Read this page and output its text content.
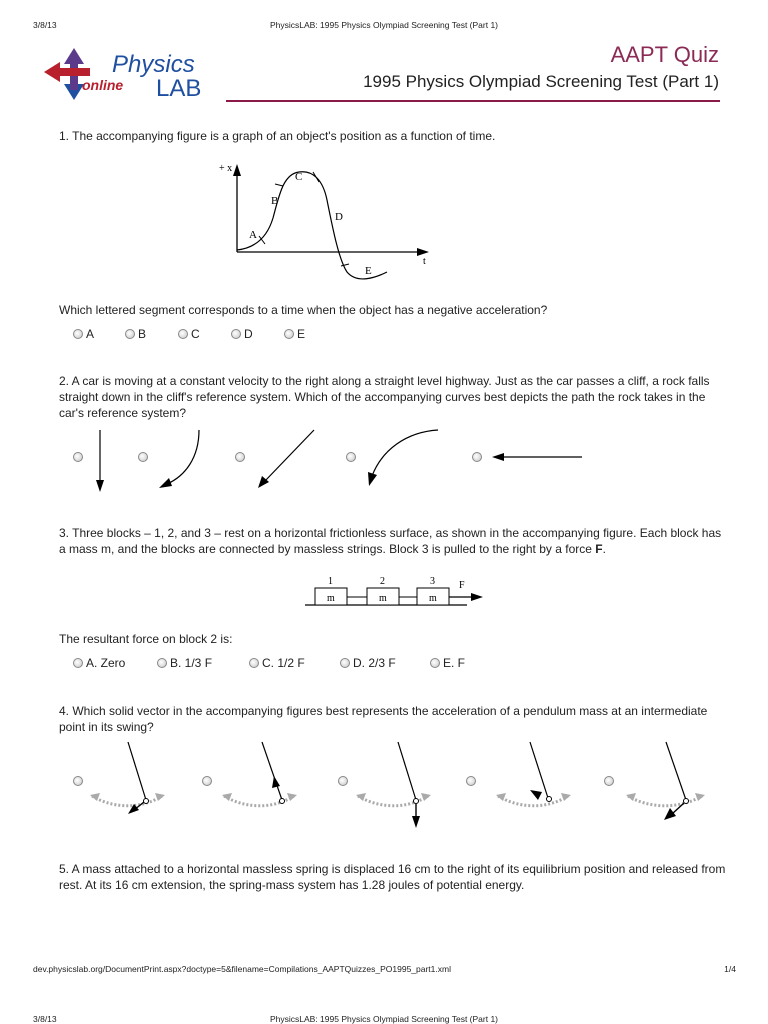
3/8/13	PhysicsLAB: 1995 Physics Olympiad Screening Test (Part 1)
Physics
online LAB
AAPT Quiz
1995 Physics Olympiad Screening Test (Part 1)
1. The accompanying figure is a graph of an object's position as a function of time.
+ x
t
A
B
C
D
E
Which lettered segment corresponds to a time when the object has a negative acceleration?
A	B	C	D	E
2. A car is moving at a constant velocity to the right along a straight level highway. Just as the car passes a cliff, a rock falls straight down in the cliff's reference system. Which of the accompanying curves best depicts the path the rock takes in the car's reference system?
3. Three blocks – 1, 2, and 3 – rest on a horizontal frictionless surface, as shown in the accompanying figure. Each block has a mass m, and the blocks are connected by massless strings. Block 3 is pulled to the right by a force F.
1	2	3 F
m	m	m
The resultant force on block 2 is:
A. Zero	B. 1/3 F	C. 1/2 F	D. 2/3 F	E. F
4. Which solid vector in the accompanying figures best represents the acceleration of a pendulum mass at an intermediate point in its swing?
5. A mass attached to a horizontal massless spring is displaced 16 cm to the right of its equilibrium position and released from rest. At its 16 cm extension, the spring-mass system has 1.28 joules of potential energy.
dev.physicslab.org/DocumentPrint.aspx?doctype=5&filename=Compilations_AAPTQuizzes_PO1995_part1.xml	1/4
3/8/13	PhysicsLAB: 1995 Physics Olympiad Screening Test (Part 1)
